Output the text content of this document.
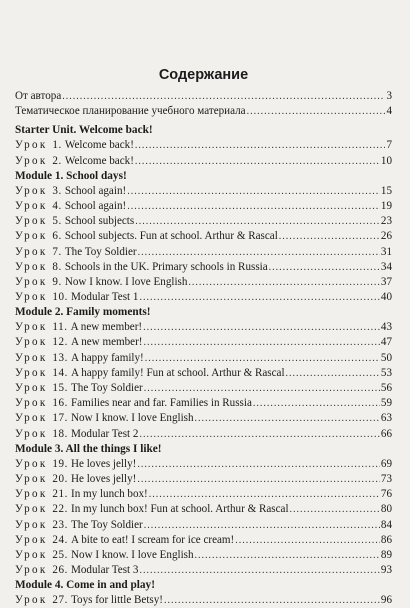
Содержание
От автора .....	3
Тематическое планирование учебного материала .....	4
Starter Unit. Welcome back!
Урок 1. Welcome back! .....	7
Урок 2. Welcome back! .....	10
Module 1. School days!
Урок 3. School again! .....	15
Урок 4. School again! .....	19
Урок 5. School subjects .....	23
Урок 6. School subjects. Fun at school. Arthur & Rascal .....	26
Урок 7. The Toy Soldier .....	31
Урок 8. Schools in the UK. Primary schools in Russia .....	34
Урок 9. Now I know. I love English .....	37
Урок 10. Modular Test 1 .....	40
Module 2. Family moments!
Урок 11. A new member! .....	43
Урок 12. A new member! .....	47
Урок 13. A happy family! .....	50
Урок 14. A happy family! Fun at school. Arthur & Rascal .....	53
Урок 15. The Toy Soldier .....	56
Урок 16. Families near and far. Families in Russia .....	59
Урок 17. Now I know. I love English .....	63
Урок 18. Modular Test 2 .....	66
Module 3. All the things I like!
Урок 19. He loves jelly! .....	69
Урок 20. He loves jelly! .....	73
Урок 21. In my lunch box! .....	76
Урок 22. In my lunch box! Fun at school. Arthur & Rascal .....	80
Урок 23. The Toy Soldier .....	84
Урок 24. A bite to eat! I scream for ice cream! .....	86
Урок 25. Now I know. I love English .....	89
Урок 26. Modular Test 3 .....	93
Module 4. Come in and play!
Урок 27. Toys for little Betsy! .....	96
